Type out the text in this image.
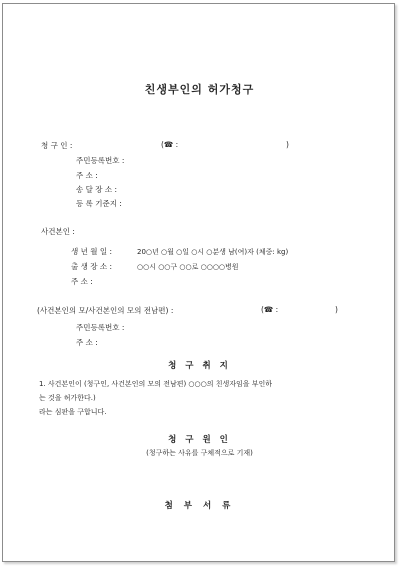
친생부인의 허가청구
청 구 인 :	(☎ :	)
주민등록번호 :
주 소 :
송 달 장 소 :
등 록 기준지 :
사건본인 :
생 년 월 일 :	20○년 ○월 ○일 ○시 ○분생 남(여)자 (체중: kg)
출 생 장 소 :	○○시 ○○구 ○○로 ○○○○병원
주 소 :
(사건본인의 모/사건본인의 모의 전남편) :	(☎ :	)
주민등록번호 :
주 소 :
청 구 취 지
1. 사건본인이 (청구인, 사건본인의 모의 전남편) ○○○의 친생자임을 부인하
는 것을 허가한다.)
라는 심판을 구합니다.
청 구 원 인
(청구하는 사유를 구체적으로 기재)
첨 부 서 류
